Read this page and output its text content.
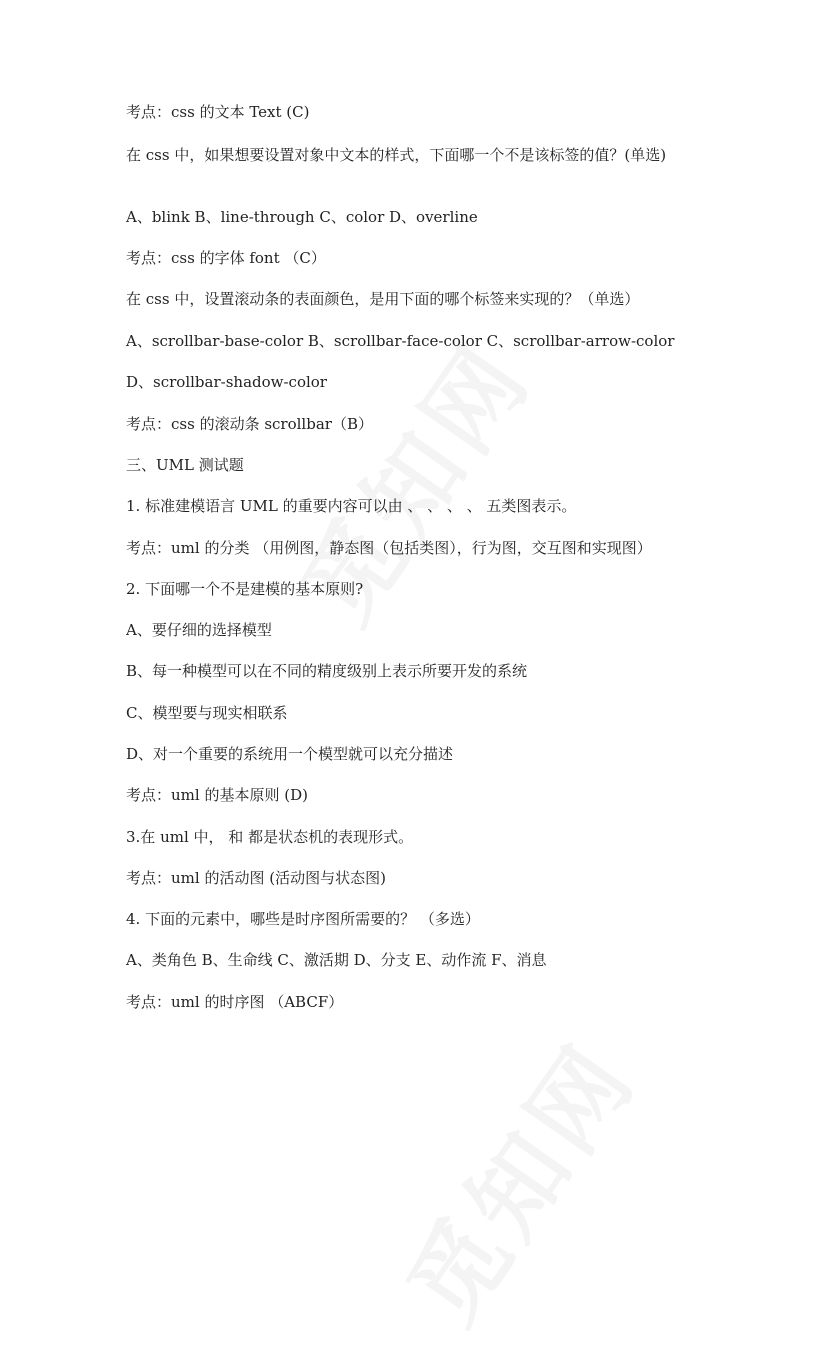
考点：css 的文本 Text (C)
在 css 中，如果想要设置对象中文本的样式，下面哪一个不是该标签的值？(单选)
A、blink B、line-through C、color D、overline
考点：css 的字体 font （C）
在 css 中，设置滚动条的表面颜色，是用下面的哪个标签来实现的？（单选）
A、scrollbar-base-color B、scrollbar-face-color C、scrollbar-arrow-color
D、scrollbar-shadow-color
考点：css 的滚动条 scrollbar（B）
三、UML 测试题
1. 标准建模语言 UML 的重要内容可以由 、 、 、 、 五类图表示。
考点：uml 的分类 （用例图，静态图（包括类图），行为图，交互图和实现图）
2. 下面哪一个不是建模的基本原则?
A、要仔细的选择模型
B、每一种模型可以在不同的精度级别上表示所要开发的系统
C、模型要与现实相联系
D、对一个重要的系统用一个模型就可以充分描述
考点：uml 的基本原则 (D)
3.在 uml 中， 和 都是状态机的表现形式。
考点：uml 的活动图 (活动图与状态图)
4. 下面的元素中，哪些是时序图所需要的？ （多选）
A、类角色 B、生命线 C、激活期 D、分支 E、动作流 F、消息
考点：uml 的时序图 （ABCF）
